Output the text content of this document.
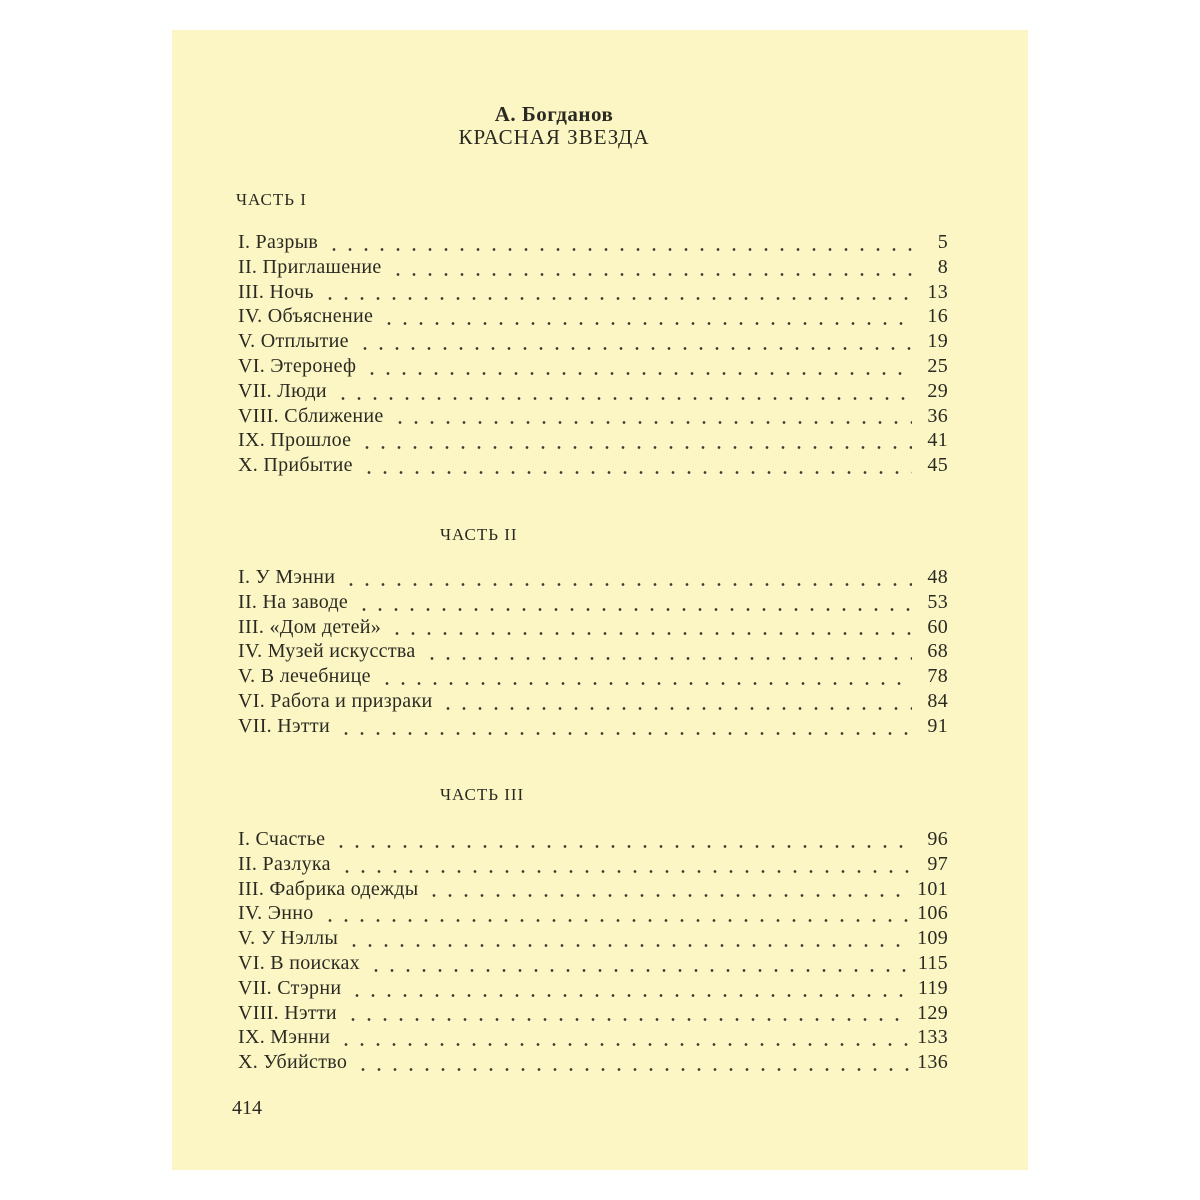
А. Богданов
КРАСНАЯ ЗВЕЗДА
ЧАСТЬ I
I. Разрыв	5
II. Приглашение	8
III. Ночь	13
IV. Объяснение	16
V. Отплытие	19
VI. Этеронеф	25
VII. Люди	29
VIII. Сближение	36
IX. Прошлое	41
X. Прибытие	45
ЧАСТЬ II
I. У Мэнни	48
II. На заводе	53
III. «Дом детей»	60
IV. Музей искусства	68
V. В лечебнице	78
VI. Работа и призраки	84
VII. Нэтти	91
ЧАСТЬ III
I. Счастье	96
II. Разлука	97
III. Фабрика одежды	101
IV. Энно	106
V. У Нэллы	109
VI. В поисках	115
VII. Стэрни	119
VIII. Нэтти	129
IX. Мэнни	133
X. Убийство	136
414
